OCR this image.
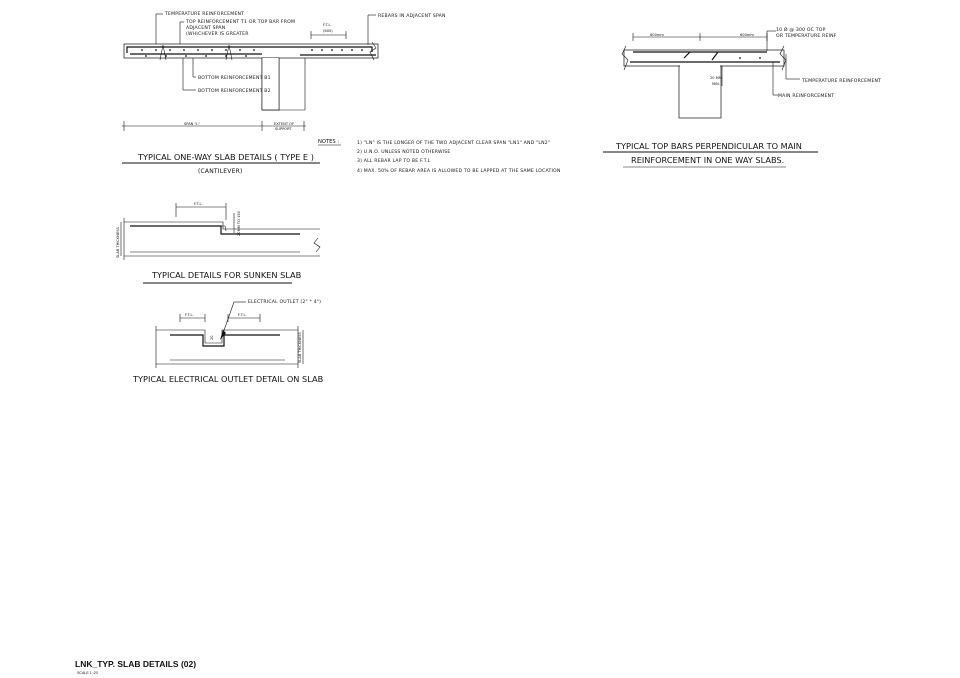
TEMPERATURE REINFORCEMENT
TOP REINFORCEMENT T1 OR TOP BAR FROM
ADJACENT SPAN
(WHICHEVER IS GREATER
REBARS IN ADJACENT SPAN
F.T.L.
(600)
BOTTOM REINFORCEMENT B1
BOTTOM REINFORCEMENT B2
SPAN "L"	EXTENT OF
SUPPORT
TYPICAL ONE-WAY SLAB DETAILS ( TYPE E )
(CANTILEVER)
NOTES :	1) "LN" IS THE LONGER OF THE TWO ADJACENT CLEAR SPAN "LN1" AND "LN2"
2) U.N.O. UNLESS NOTED OTHERWISE
3) ALL REBAR LAP TO BE F.T.L
4) MAX. 50% OF REBAR AREA IS ALLOWED TO BE LAPPED AT THE SAME LOCATION
600mm	600mm
20 MM
MIN.
10 Ø @ 300 OC TOP
OR TEMPERATURE REINF
TEMPERATURE REINFORCEMENT
MAIN REINFORCEMENT
TYPICAL TOP BARS PERPENDICULAR TO MAIN
REINFORCEMENT IN ONE WAY SLABS.
F.T.L.
20MM TO 150
SLAB THICKNESS
TYPICAL DETAILS FOR SUNKEN SLAB
F.T.L.	F.T.L.
ELECTRICAL OUTLET (2" * 4")
SLAB THICKNESS
20
TYPICAL ELECTRICAL OUTLET DETAIL ON SLAB
LNK_TYP. SLAB DETAILS (02)
SCALE 1 :20
